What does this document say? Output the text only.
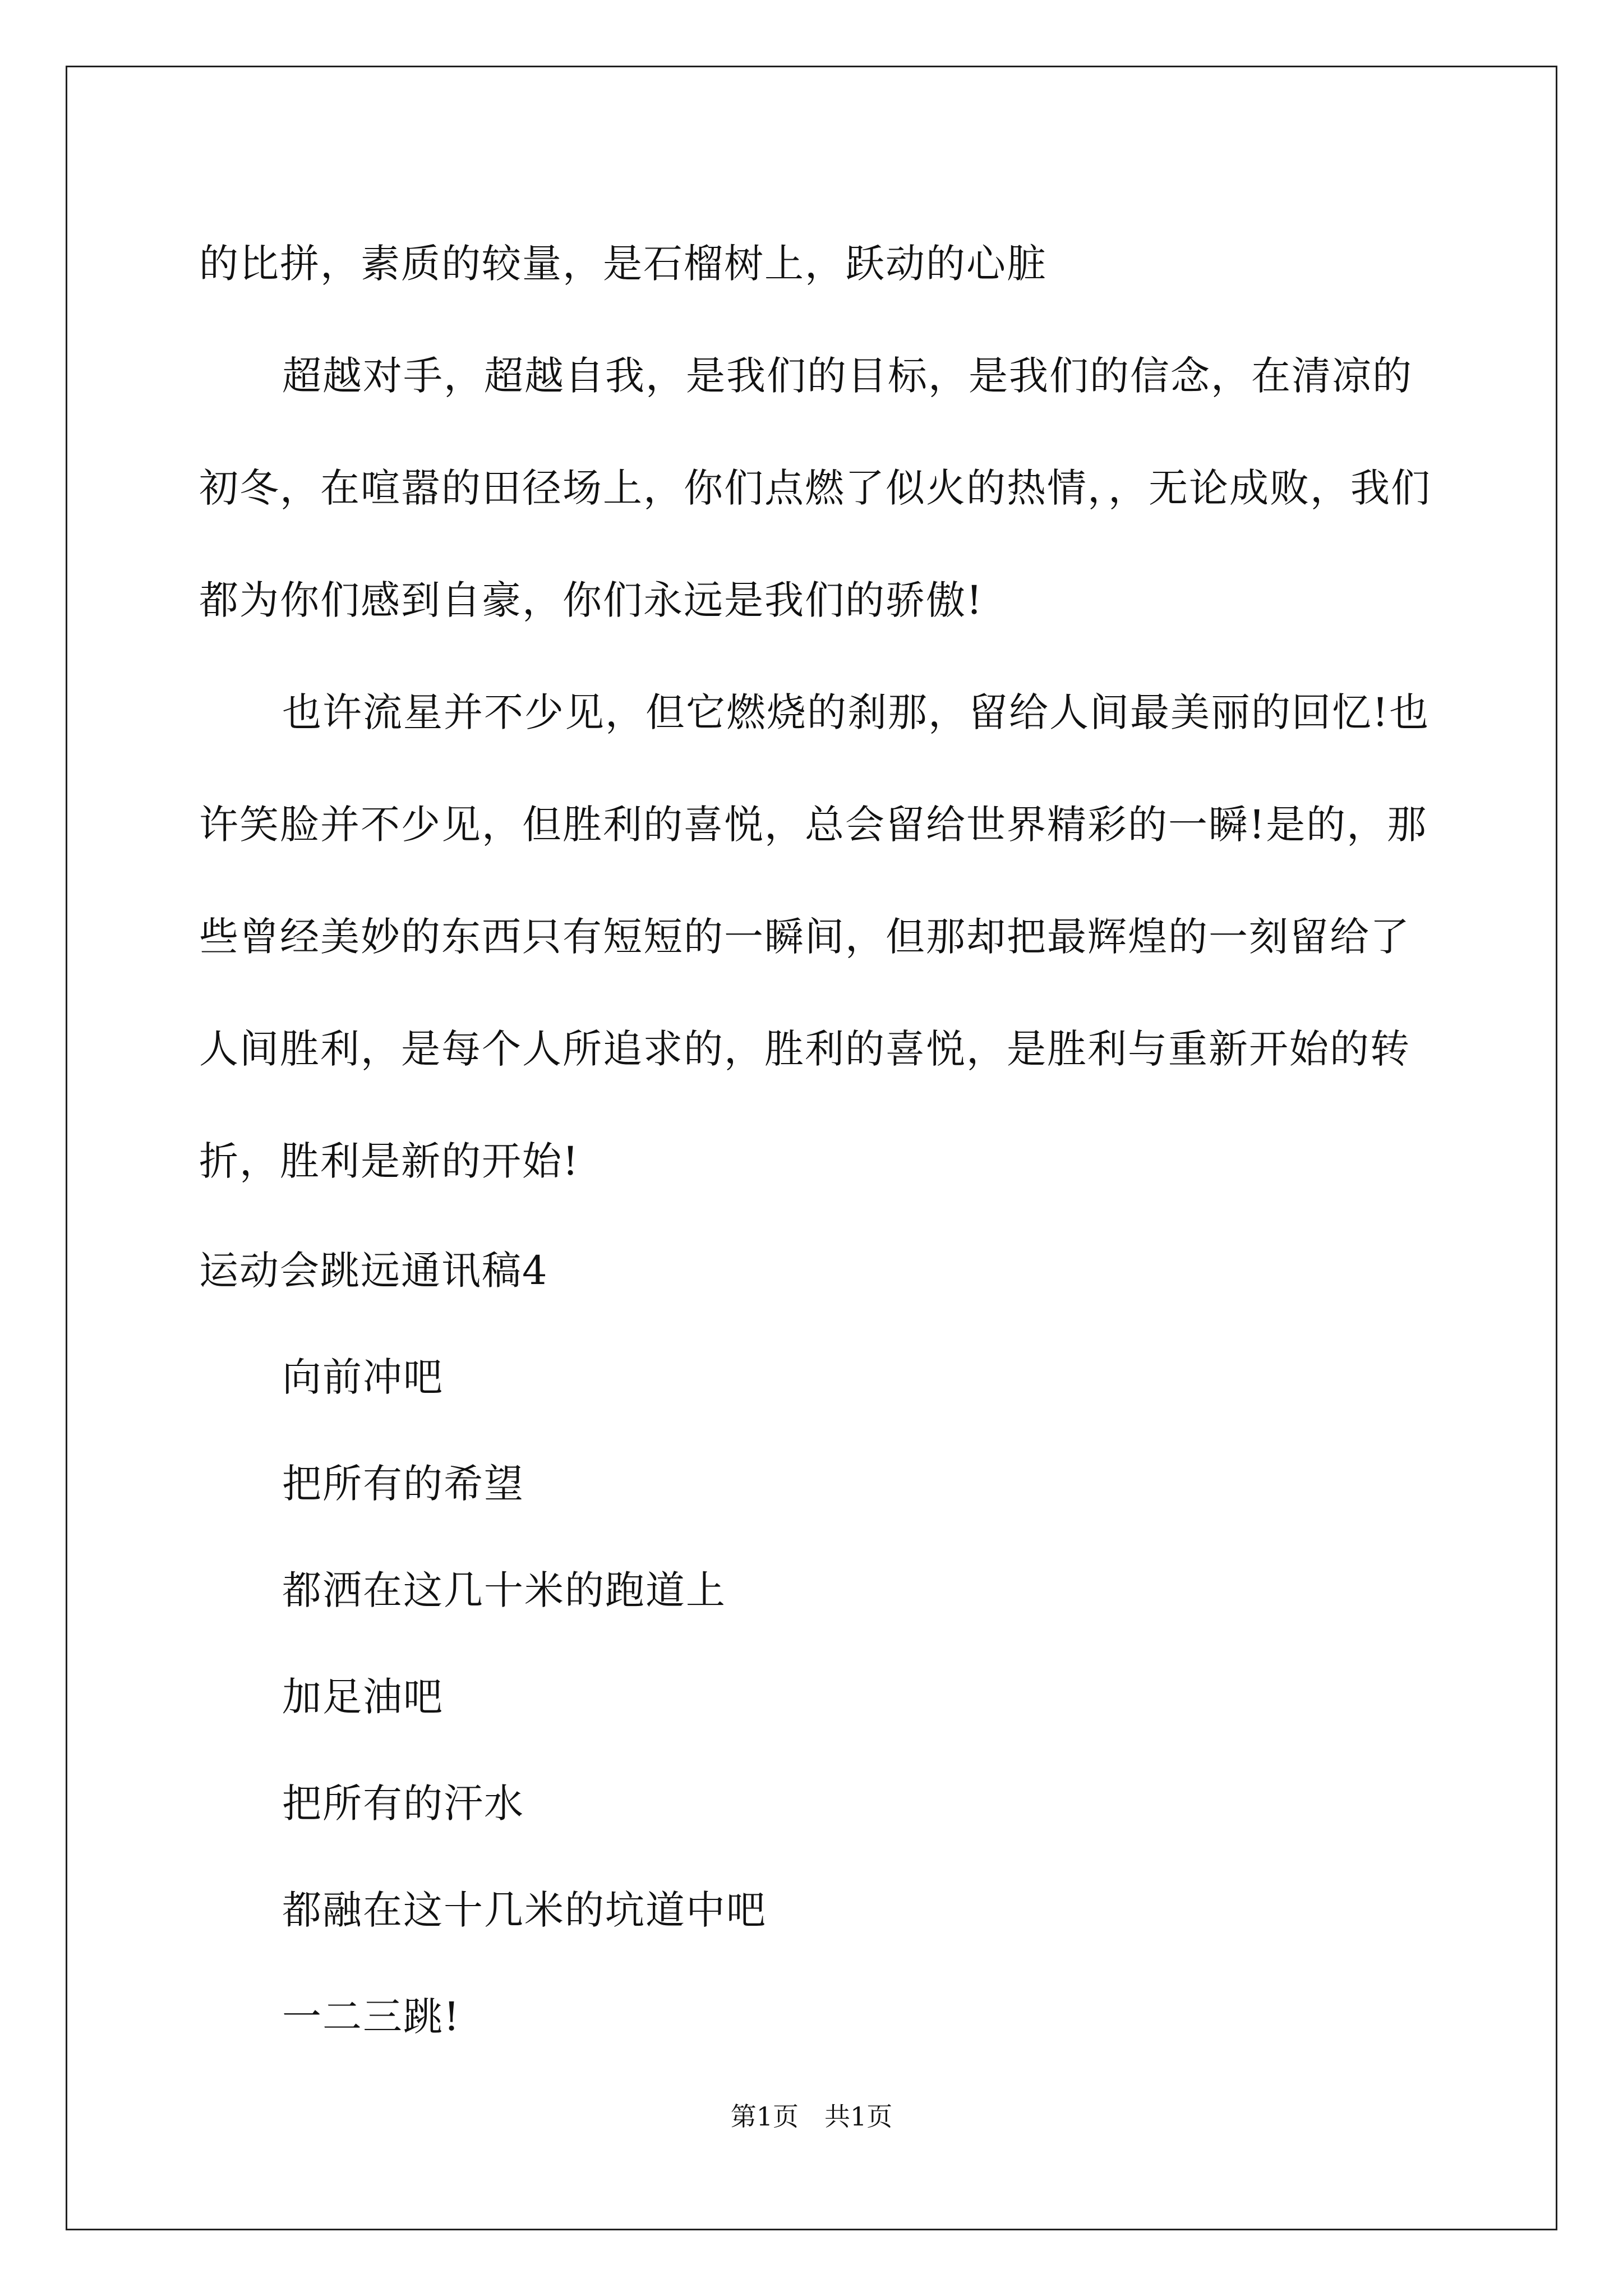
的比拼，素质的较量，是石榴树上，跃动的心脏
超越对手，超越自我，是我们的目标，是我们的信念，在清凉的
初冬，在喧嚣的田径场上，你们点燃了似火的热情，，无论成败，我们
都为你们感到自豪，你们永远是我们的骄傲!
也许流星并不少见，但它燃烧的刹那，留给人间最美丽的回忆!也
许笑脸并不少见，但胜利的喜悦，总会留给世界精彩的一瞬!是的，那
些曾经美妙的东西只有短短的一瞬间，但那却把最辉煌的一刻留给了
人间胜利，是每个人所追求的，胜利的喜悦，是胜利与重新开始的转
折，胜利是新的开始!
运动会跳远通讯稿4
向前冲吧
把所有的希望
都洒在这几十米的跑道上
加足油吧
把所有的汗水
都融在这十几米的坑道中吧
一二三跳!
第1页　共1页
